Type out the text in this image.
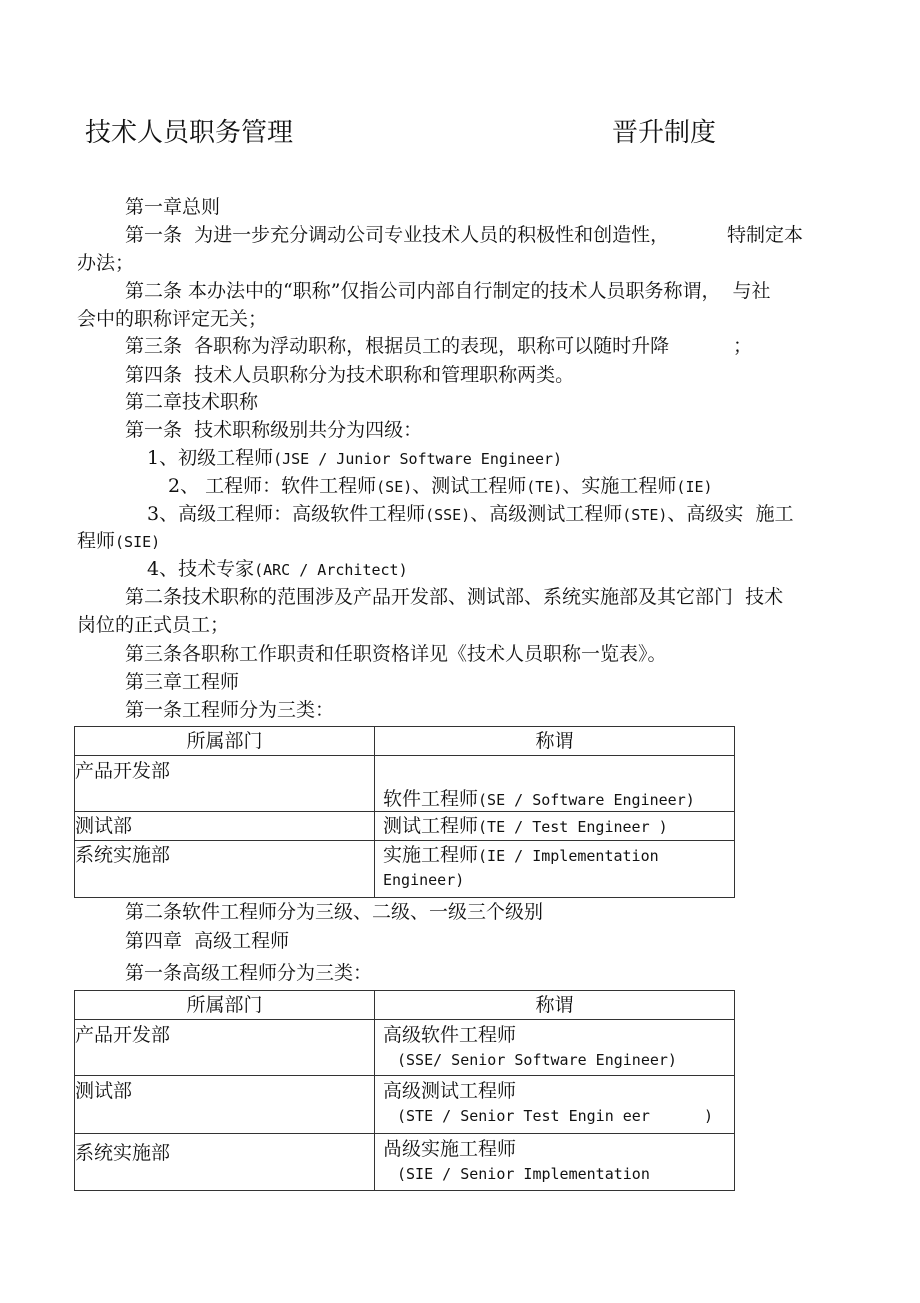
技术人员职务管理	晋升制度
第一章总则
第一条  为进一步充分调动公司专业技术人员的积极性和创造性，	特制定本
办法；
第二条 本办法中的“职称”仅指公司内部自行制定的技术人员职务称谓，  与社
会中的职称评定无关；
第三条  各职称为浮动职称，根据员工的表现，职称可以随时升降	；
第四条  技术人员职称分为技术职称和管理职称两类。
第二章技术职称
第一条  技术职称级别共分为四级：
1、初级工程师(JSE / Junior Software Engineer)
2、 工程师：软件工程师(SE)、测试工程师(TE)、实施工程师(IE)
3、高级工程师：高级软件工程师(SSE)、高级测试工程师(STE)、高级实  施工
程师(SIE)
4、技术专家(ARC / Architect)
第二条技术职称的范围涉及产品开发部、测试部、系统实施部及其它部门  技术
岗位的正式员工；
第三条各职称工作职责和任职资格详见《技术人员职称一览表》。
第三章工程师
第一条工程师分为三类：
所属部门	称谓

产品开发部	软件工程师(SE / Software Engineer)

测试部	测试工程师(TE / Test Engineer )

系统实施部	实施工程师(IE / Implementation
Engineer)
第二条软件工程师分为三级、二级、一级三个级别
第四章  高级工程师
第一条高级工程师分为三类：
所属部门	称谓

产品开发部	高级软件工程师
(SSE/ Senior Software Engineer)

测试部	高级测试工程师
(STE / Senior Test Engin eer      )

系统实施部	咼级实施工程师
(SIE / Senior Implementation
